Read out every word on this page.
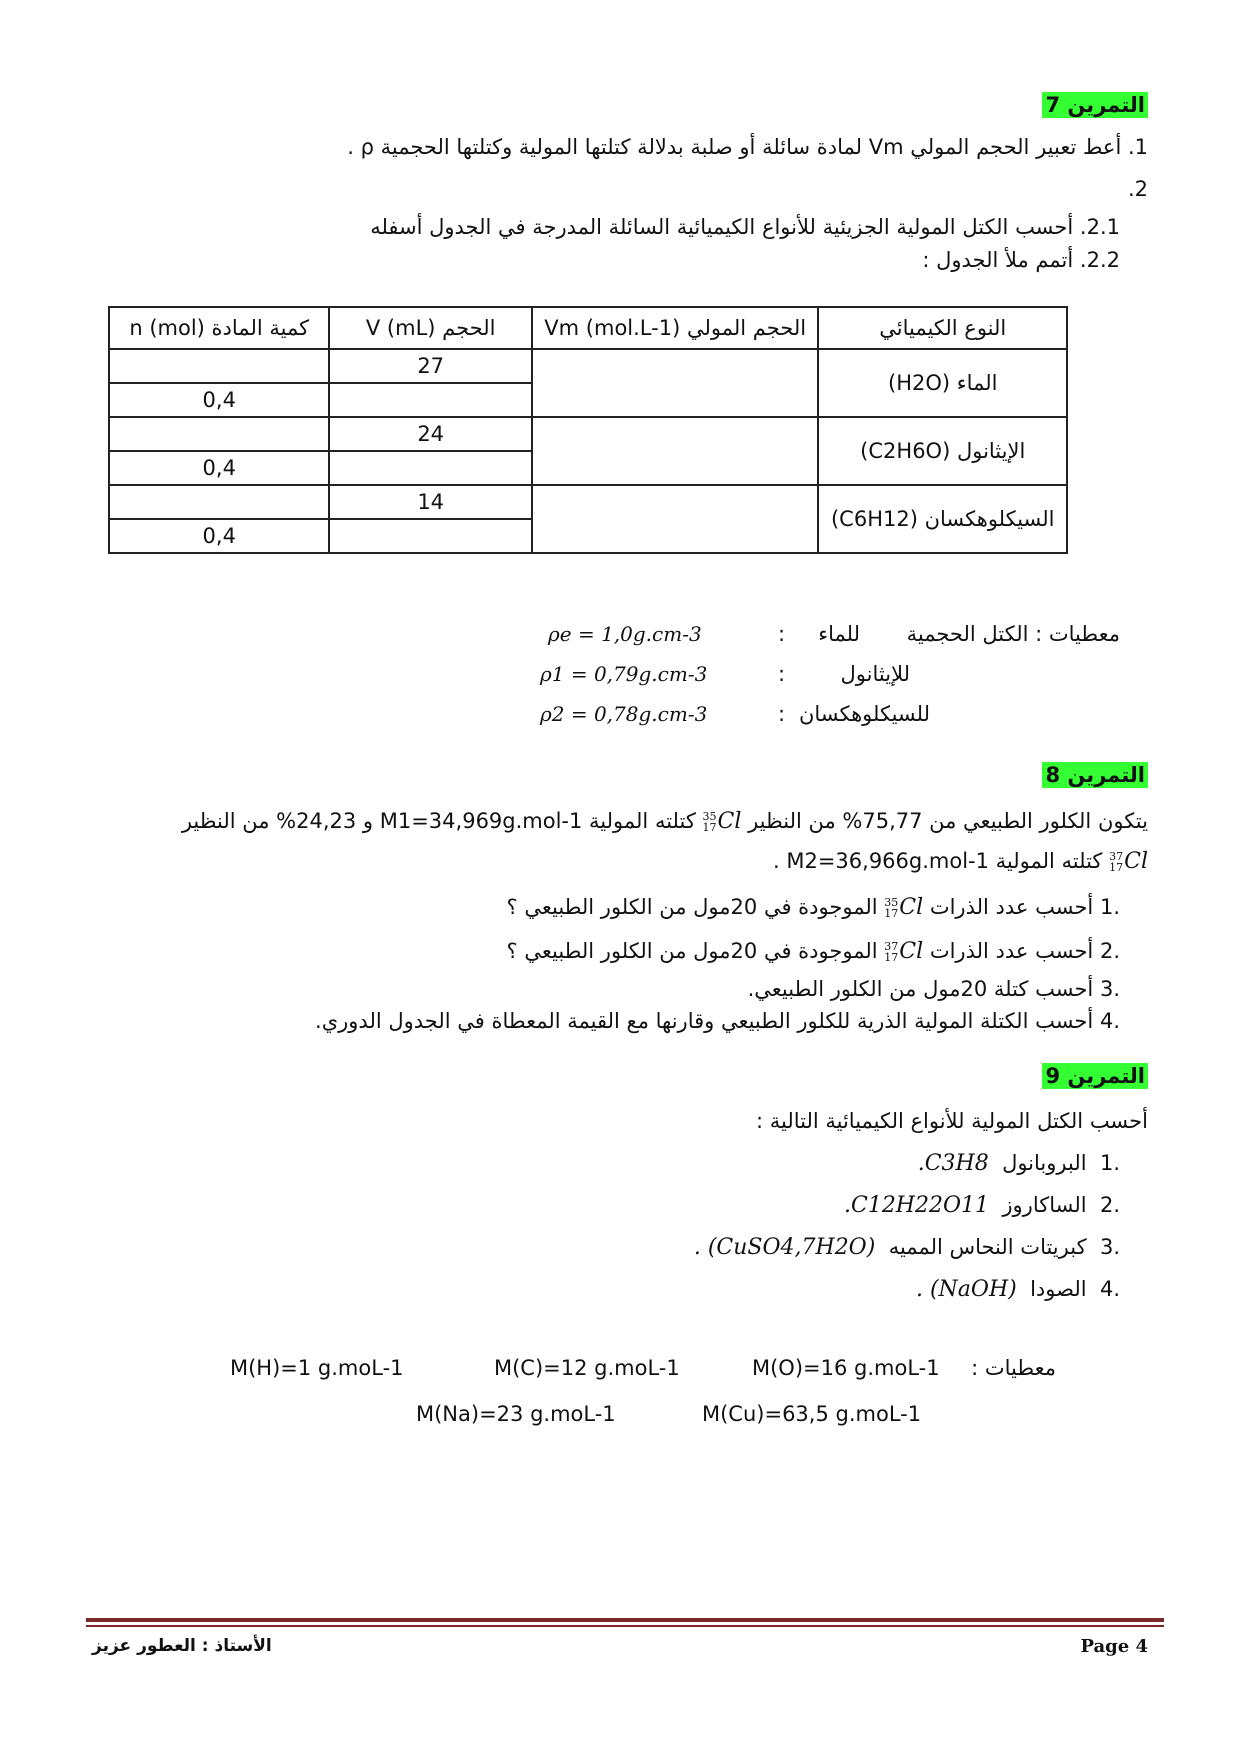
التمرين 7
1. أعط تعبير الحجم المولي Vm لمادة سائلة أو صلبة بدلالة كتلتها المولية وكتلتها الحجمية ρ .
2.
2.1. أحسب الكتل المولية الجزيئية للأنواع الكيميائية السائلة المدرجة في الجدول أسفله
2.2. أتمم ملأ الجدول :
النوع الكيميائي	الحجم المولي Vm (mol.L-1)	الحجم V (mL)	كمية المادة n (mol)
الماء (H2O)		27	
			0,4
الإيثانول (C2H6O)		24	
			0,4
السيكلوهكسان (C6H12)		14	
			0,4
معطيات : الكتل الحجمية
للماء
:
ρe = 1,0g.cm-3
للإيثانول
:
ρ1 = 0,79g.cm-3
للسيكلوهكسان
:
ρ2 = 0,78g.cm-3
التمرين 8
يتكون الكلور الطبيعي من 75,77% من النظير
35
17 Cl
كتلته المولية M1=34,969g.mol-1 و 24,23% من النظير
37
17 Cl
كتلته المولية M2=36,966g.mol-1 .
.1 أحسب عدد الذرات
35
17 Cl
الموجودة في 20مول من الكلور الطبيعي ؟
.2 أحسب عدد الذرات
37
17 Cl
الموجودة في 20مول من الكلور الطبيعي ؟
.3 أحسب كتلة 20مول من الكلور الطبيعي.
.4 أحسب الكتلة المولية الذرية للكلور الطبيعي وقارنها مع القيمة المعطاة في الجدول الدوري.
التمرين 9
أحسب الكتل المولية للأنواع الكيميائية التالية :
.1  البروبانول  C3H8.
.2  الساكاروز  C12H22O11.
.3  كبريتات النحاس المميه  (CuSO4,7H2O) .
.4  الصودا  (NaOH) .
معطيات :
M(O)=16 g.moL-1
M(C)=12 g.moL-1
M(H)=1 g.moL-1
M(Cu)=63,5 g.moL-1
M(Na)=23 g.moL-1
الأستاذ : العطور عزيز	Page 4
